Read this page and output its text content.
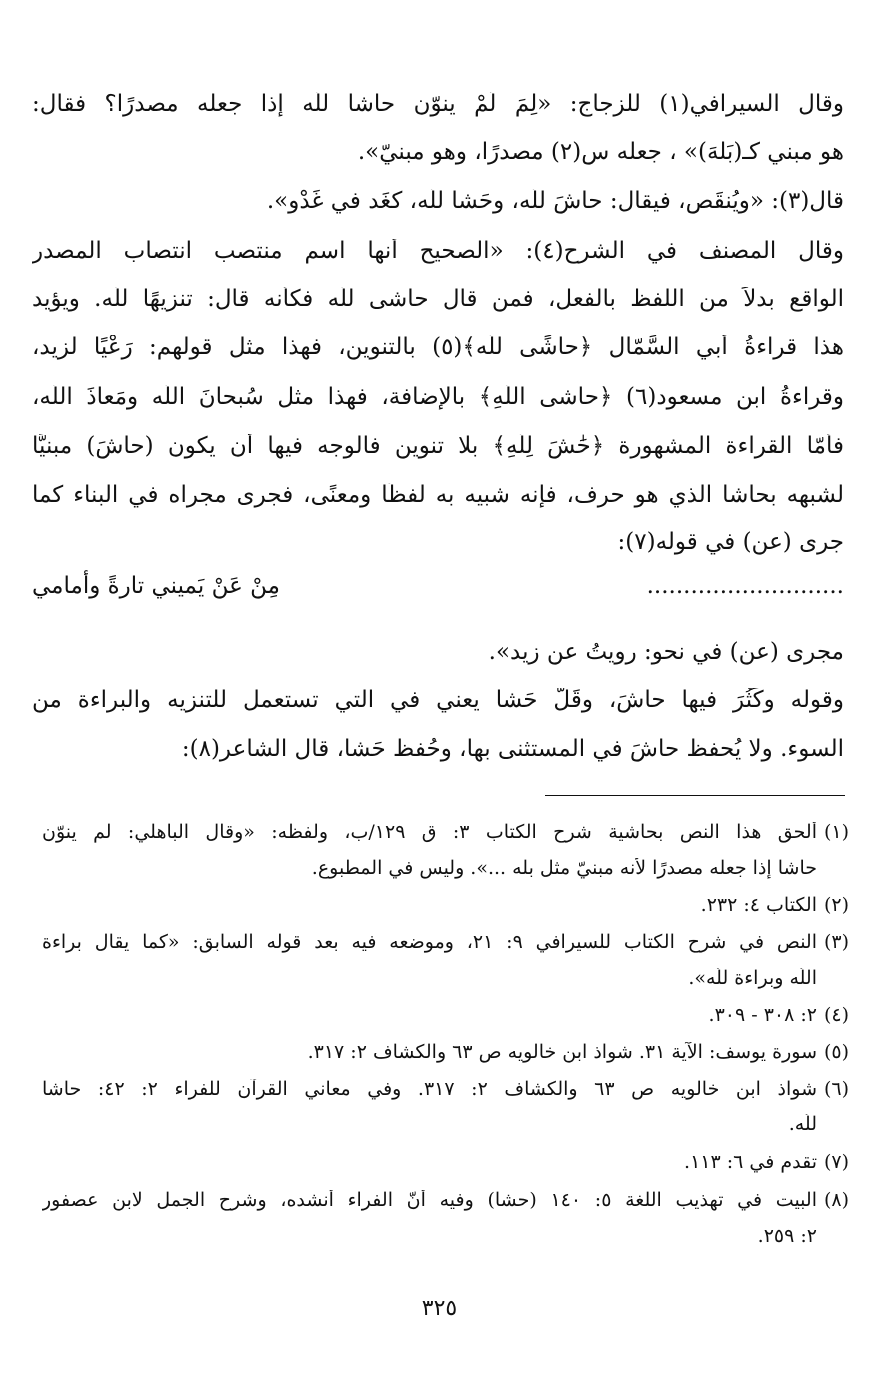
وقال السيرافي(١) للزجاج: «لِمَ لَمْ ينوّن حاشا للّه إذا جعله مصدرًا؟ فقال:
هو مبني كـ(بَلْهَ)» ، جعله س(٢) مصدرًا، وهو مبنيّ».
قال(٣): «ويُنقَص، فيقال: حاشَ للّه، وحَشا للّه، كغَد في غَدْو».
وقال المصنف في الشرح(٤): «الصحيح أنها اسم منتصب انتصاب المصدر
الواقع بدلاً من اللفظ بالفعل، فمن قال حاشى للّه فكأنه قال: تنزيهًا للّه. ويؤيد
هذا قراءةُ أبي السَّمّال ﴿حاشًى للّه﴾(٥) بالتنوين، فهذا مثل قولهم: رَعْيًا لزيد،
وقراءةُ ابن مسعود(٦) ﴿حاشى اللّهِ﴾ بالإضافة، فهذا مثل سُبحانَ اللّه ومَعاذَ اللّه،
فأمّا القراءة المشهورة ﴿حَٰشَ لِلَّهِ﴾ بلا تنوين فالوجه فيها أن يكون (حاشَ) مبنيًّا
لشبهه بحاشا الذي هو حرف، فإنه شبيه به لفظًا ومعنًى، فجرى مجراه في البناء كما
جرى (عن) في قوله(٧):
...........................
مِنْ عَنْ يَميني تارةً وأمامي
مجرى (عن) في نحو: رويتُ عن زيد».
وقوله وكَثُرَ فيها حاشَ، وقَلَّ حَشا يعني في التي تستعمل للتنزيه والبراءة من
السوء. ولا يُحفظ حاشَ في المستثنى بها، وحُفظ حَشا، قال الشاعر(٨):
(١)
ألحق هذا النص بحاشية شرح الكتاب ٣: ق ١٢٩/ب، ولفظه: «وقال الباهلي: لم ينوّن
حاشا إذا جعله مصدرًا لأنه مبنيّ مثل بله ...». وليس في المطبوع.
(٢)
الكتاب ٤: ٢٣٢.
(٣)
النص في شرح الكتاب للسيرافي ٩: ٢١، وموضعه فيه بعد قوله السابق: «كما يقال براءة
اللّه وبراءة للّه».
(٤)
٢: ٣٠٨ - ٣٠٩.
(٥)
سورة يوسف: الآية ٣١. شواذ ابن خالويه ص ٦٣ والكشاف ٢: ٣١٧.
(٦)
شواذ ابن خالويه ص ٦٣ والكشاف ٢: ٣١٧. وفي معاني القرآن للفراء ٢: ٤٢: حاشا
للّه.
(٧)
تقدم في ٦: ١١٣.
(٨)
البيت في تهذيب اللغة ٥: ١٤٠ (حشا) وفيه أنّ الفراء أنشده، وشرح الجمل لابن عصفور
٢: ٢٥٩.
٣٢٥
